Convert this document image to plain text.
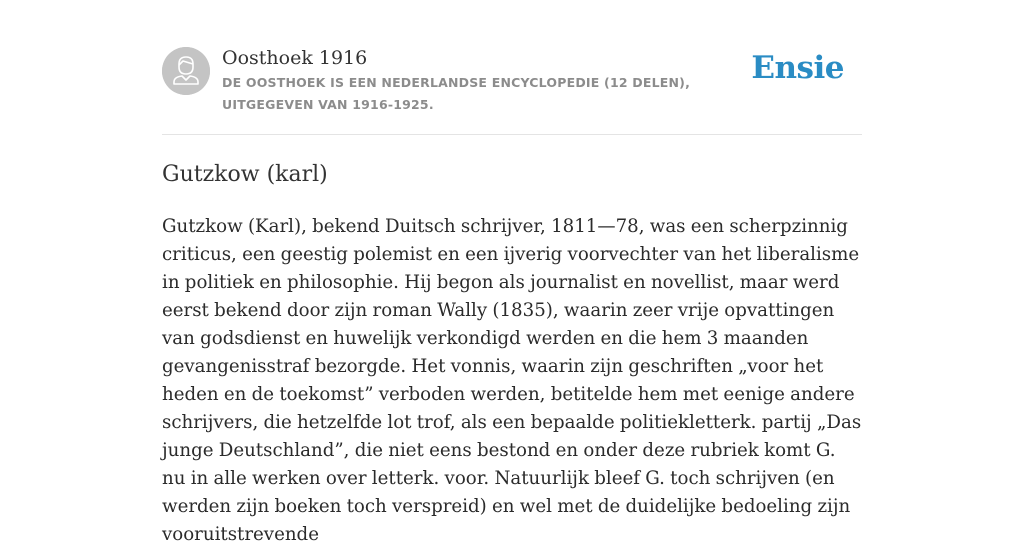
Oosthoek 1916
DE OOSTHOEK IS EEN NEDERLANDSE ENCYCLOPEDIE (12 DELEN), UITGEGEVEN VAN 1916-1925.
Ensie
Gutzkow (karl)
Gutzkow (Karl), bekend Duitsch schrijver, 1811—78, was een scherpzinnig criticus, een geestig polemist en een ijverig voorvechter van het liberalisme in politiek en philosophie. Hij begon als journalist en novellist, maar werd eerst bekend door zijn roman Wally (1835), waarin zeer vrije opvattingen van godsdienst en huwelijk verkondigd werden en die hem 3 maanden gevangenisstraf bezorgde. Het vonnis, waarin zijn geschriften „voor het heden en de toekomst” verboden werden, betitelde hem met eenige andere schrijvers, die hetzelfde lot trof, als een bepaalde politiekletterk. partij „Das junge Deutschland”, die niet eens bestond en onder deze rubriek komt G. nu in alle werken over letterk. voor. Natuurlijk bleef G. toch schrijven (en werden zijn boeken toch verspreid) en wel met de duidelijke bedoeling zijn vooruitstrevende
